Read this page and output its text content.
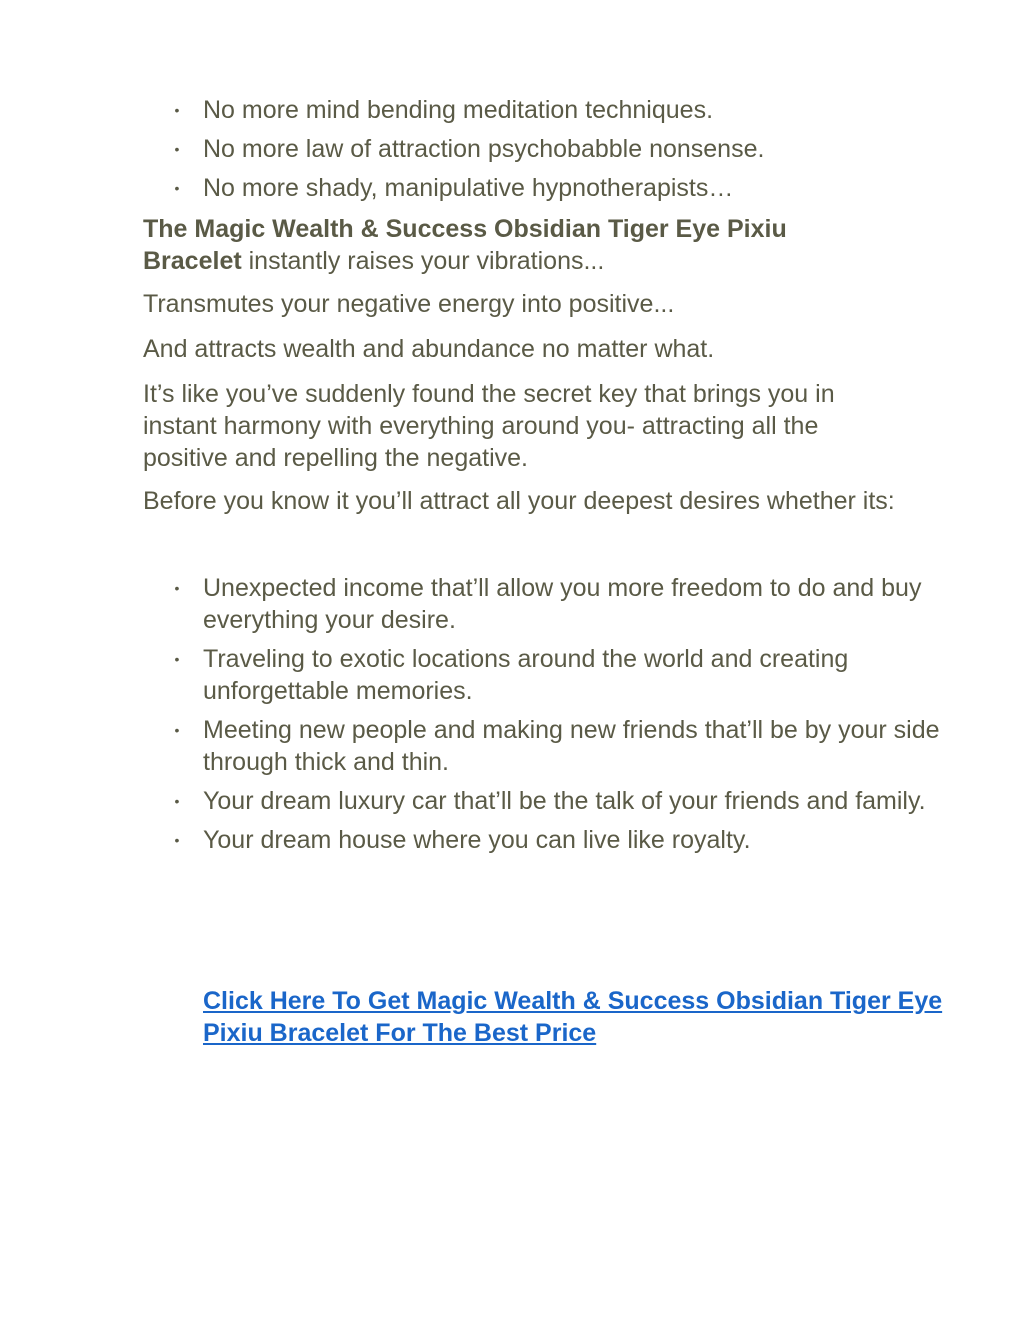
• No more mind bending meditation techniques.
• No more law of attraction psychobabble nonsense.
• No more shady, manipulative hypnotherapists…

The Magic Wealth & Success Obsidian Tiger Eye Pixiu Bracelet instantly raises your vibrations...

Transmutes your negative energy into positive...

And attracts wealth and abundance no matter what.

It’s like you’ve suddenly found the secret key that brings you in instant harmony with everything around you- attracting all the positive and repelling the negative.

Before you know it you’ll attract all your deepest desires whether its:

• Unexpected income that’ll allow you more freedom to do and buy everything your desire.
• Traveling to exotic locations around the world and creating unforgettable memories.
• Meeting new people and making new friends that’ll be by your side through thick and thin.
• Your dream luxury car that’ll be the talk of your friends and family.
• Your dream house where you can live like royalty.
Click Here To Get Magic Wealth & Success Obsidian Tiger Eye Pixiu Bracelet For The Best Price
